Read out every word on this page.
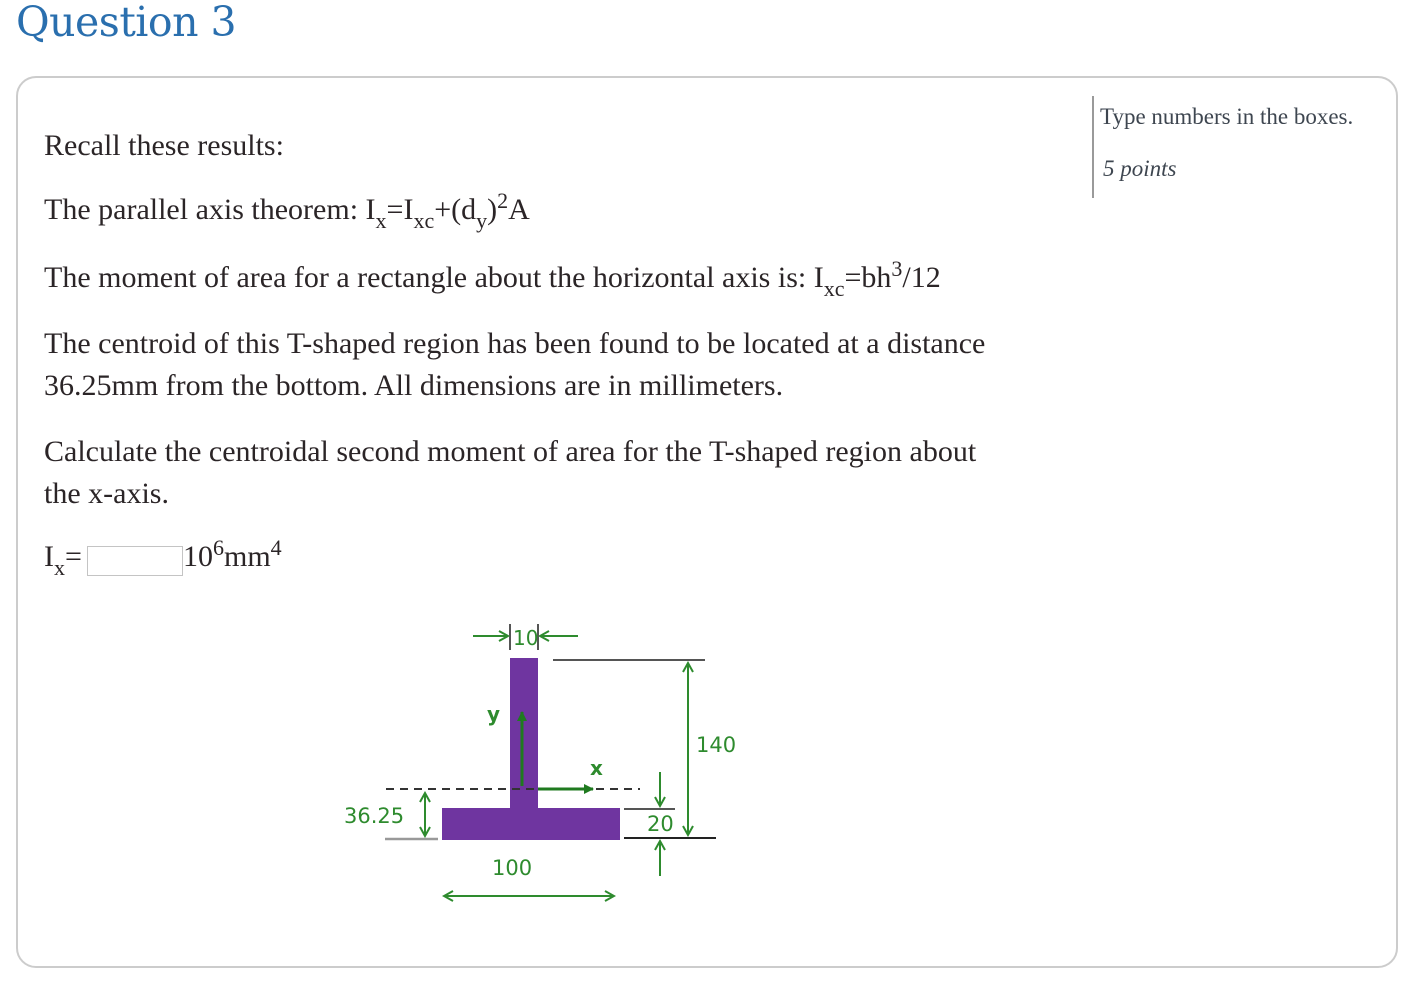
Question 3
Type numbers in the boxes.
5 points

Recall these results:

The parallel axis theorem: $I_x=I_{xc}+(d_y)^2A$

The moment of area for a rectangle about the horizontal axis is: $I_{xc}=bh^3/12$

The centroid of this T-shaped region has been found to be located at a distance

36.25mm from the bottom. All dimensions are in millimeters.

Calculate the centroidal second moment of area for the T-shaped region about

the x-axis.

$I_x=$	$10^6mm^4$

y
x
10
140
20
36.25
100
